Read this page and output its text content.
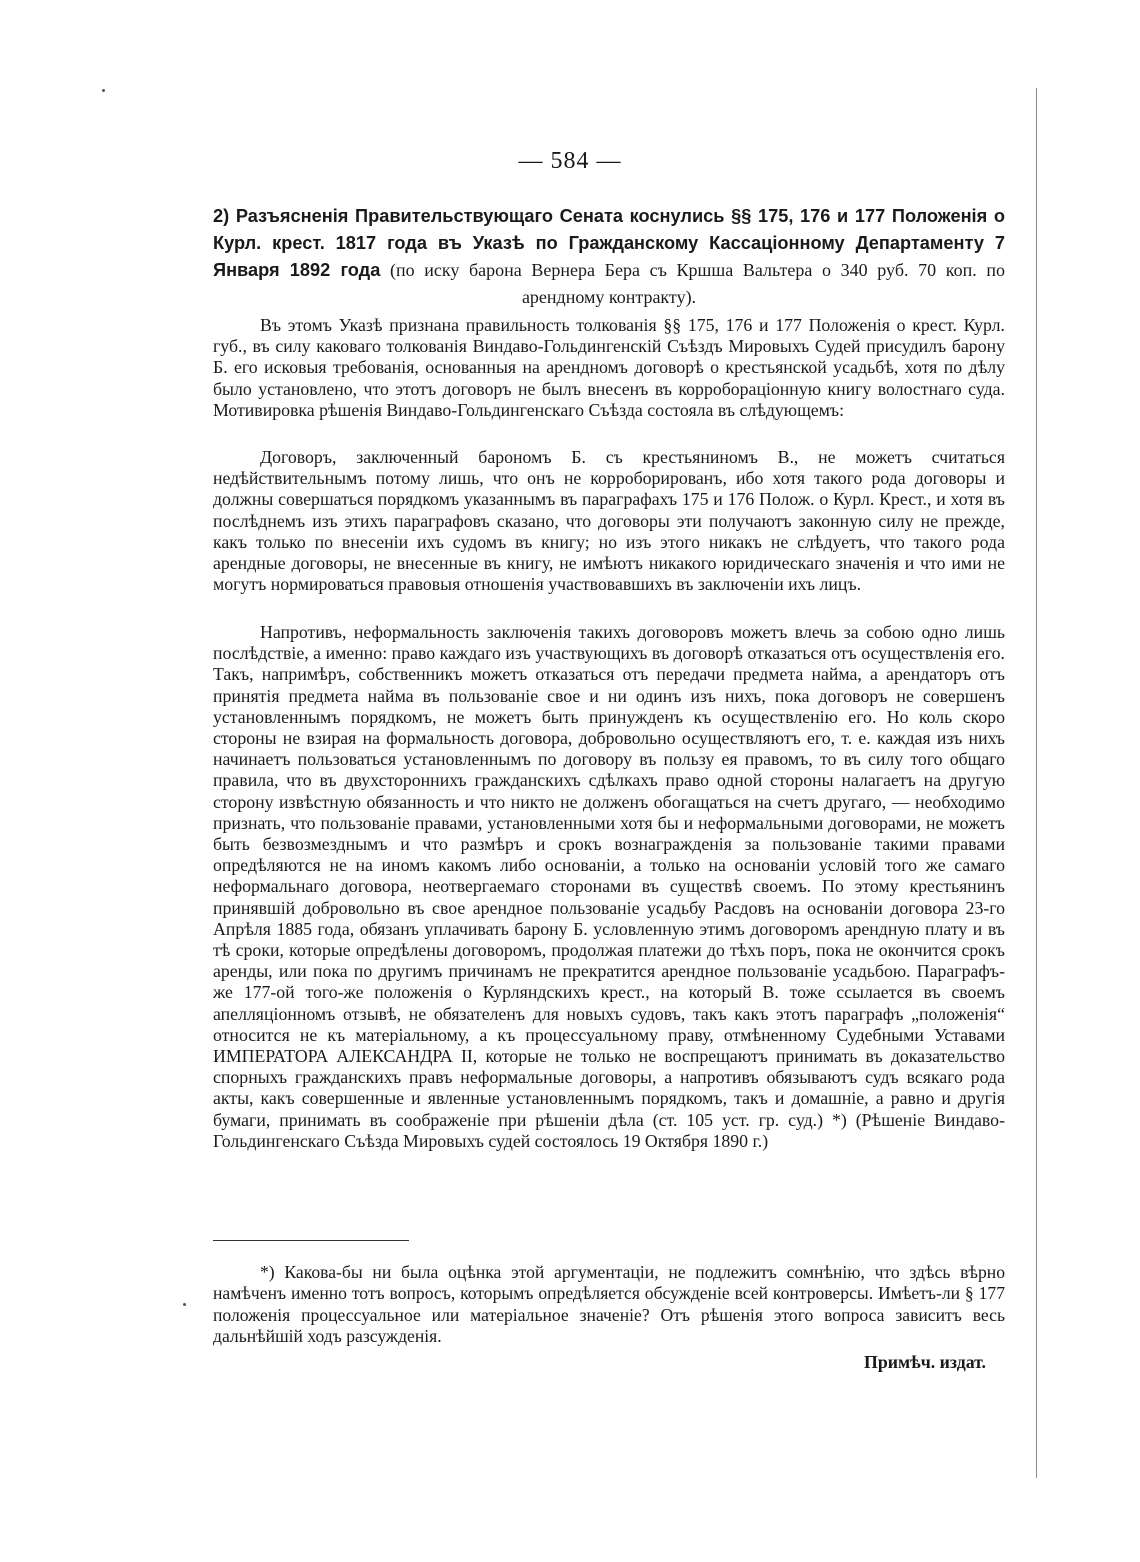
— 584 —
2) Разъясненія Правительствующаго Сената коснулись §§ 175, 176 и 177 Положенія о Курл. крест. 1817 года въ Указѣ по Гражданскому Кассаціонному Департаменту 7 Января 1892 года (по иску барона Вернера Бера съ Кршша Вальтера о 340 руб. 70 коп. по арендному контракту).

Въ этомъ Указѣ признана правильность толкованія §§ 175, 176 и 177 Положенія о крест. Курл. губ., въ силу каковаго толкованія Виндаво-Гольдингенскій Съѣздъ Мировыхъ Судей присудилъ барону Б. его исковыя требованія, основанныя на арендномъ договорѣ о крестьянской усадьбѣ, хотя по дѣлу было установлено, что этотъ договоръ не былъ внесенъ въ корробораціонную книгу волостнаго суда. Мотивировка рѣшенія Виндаво-Гольдингенскаго Съѣзда состояла въ слѣдующемъ:

Договоръ, заключенный барономъ Б. съ крестьяниномъ В., не можетъ считаться недѣйствительнымъ потому лишь, что онъ не корроборированъ, ибо хотя такого рода договоры и должны совершаться порядкомъ указаннымъ въ параграфахъ 175 и 176 Полож. о Курл. Крест., и хотя въ послѣднемъ изъ этихъ параграфовъ сказано, что договоры эти получаютъ законную силу не прежде, какъ только по внесеніи ихъ судомъ въ книгу; но изъ этого никакъ не слѣдуетъ, что такого рода арендные договоры, не внесенные въ книгу, не имѣютъ никакого юридическаго значенія и что ими не могутъ нормироваться правовыя отношенія участвовавшихъ въ заключеніи ихъ лицъ.

Напротивъ, неформальность заключенія такихъ договоровъ можетъ влечь за собою одно лишь послѣдствіе, а именно: право каждаго изъ участвующихъ въ договорѣ отказаться отъ осуществленія его. Такъ, напримѣръ, собственникъ можетъ отказаться отъ передачи предмета найма, а арендаторъ отъ принятія предмета найма въ пользованіе свое и ни одинъ изъ нихъ, пока договоръ не совершенъ установленнымъ порядкомъ, не можетъ быть принужденъ къ осуществленію его. Но коль скоро стороны не взирая на формальность договора, добровольно осуществляютъ его, т. е. каждая изъ нихъ начинаетъ пользоваться установленнымъ по договору въ пользу ея правомъ, то въ силу того общаго правила, что въ двухстороннихъ гражданскихъ сдѣлкахъ право одной стороны налагаетъ на другую сторону извѣстную обязанность и что никто не долженъ обогащаться на счетъ другаго, — необходимо признать, что пользованіе правами, установленными хотя бы и неформальными договорами, не можетъ быть безвозмезднымъ и что размѣръ и срокъ вознагражденія за пользованіе такими правами опредѣляются не на иномъ какомъ либо основаніи, а только на основаніи условій того же самаго неформальнаго договора, неотвергаемаго сторонами въ существѣ своемъ. По этому крестьянинъ принявшій добровольно въ свое арендное пользованіе усадьбу Расдовъ на основаніи договора 23-го Апрѣля 1885 года, обязанъ уплачивать барону Б. условленную этимъ договоромъ арендную плату и въ тѣ сроки, которые опредѣлены договоромъ, продолжая платежи до тѣхъ поръ, пока не окончится срокъ аренды, или пока по другимъ причинамъ не прекратится арендное пользованіе усадьбою. Параграфъ-же 177-ой того-же положенія о Курляндскихъ крест., на который В. тоже ссылается въ своемъ апелляціонномъ отзывѣ, не обязателенъ для новыхъ судовъ, такъ какъ этотъ параграфъ „положенія“ относится не къ матеріальному, а къ процессуальному праву, отмѣненному Судебными Уставами ИМПЕРАТОРА АЛЕКСАНДРА II, которые не только не воспрещаютъ принимать въ доказательство спорныхъ гражданскихъ правъ неформальные договоры, а напротивъ обязываютъ судъ всякаго рода акты, какъ совершенные и явленные установленнымъ порядкомъ, такъ и домашніе, а равно и другія бумаги, принимать въ соображеніе при рѣшеніи дѣла (ст. 105 уст. гр. суд.) *) (Рѣшеніе Виндаво-Гольдингенскаго Съѣзда Мировыхъ судей состоялось 19 Октября 1890 г.)

*) Какова-бы ни была оцѣнка этой аргументаціи, не подлежитъ сомнѣнію, что здѣсь вѣрно намѣченъ именно тотъ вопросъ, которымъ опредѣляется обсужденіе всей контроверсы. Имѣетъ-ли § 177 положенія процессуальное или матеріальное значеніе? Отъ рѣшенія этого вопроса зависитъ весь дальнѣйшій ходъ разсужденія.

Примѣч. издат.
